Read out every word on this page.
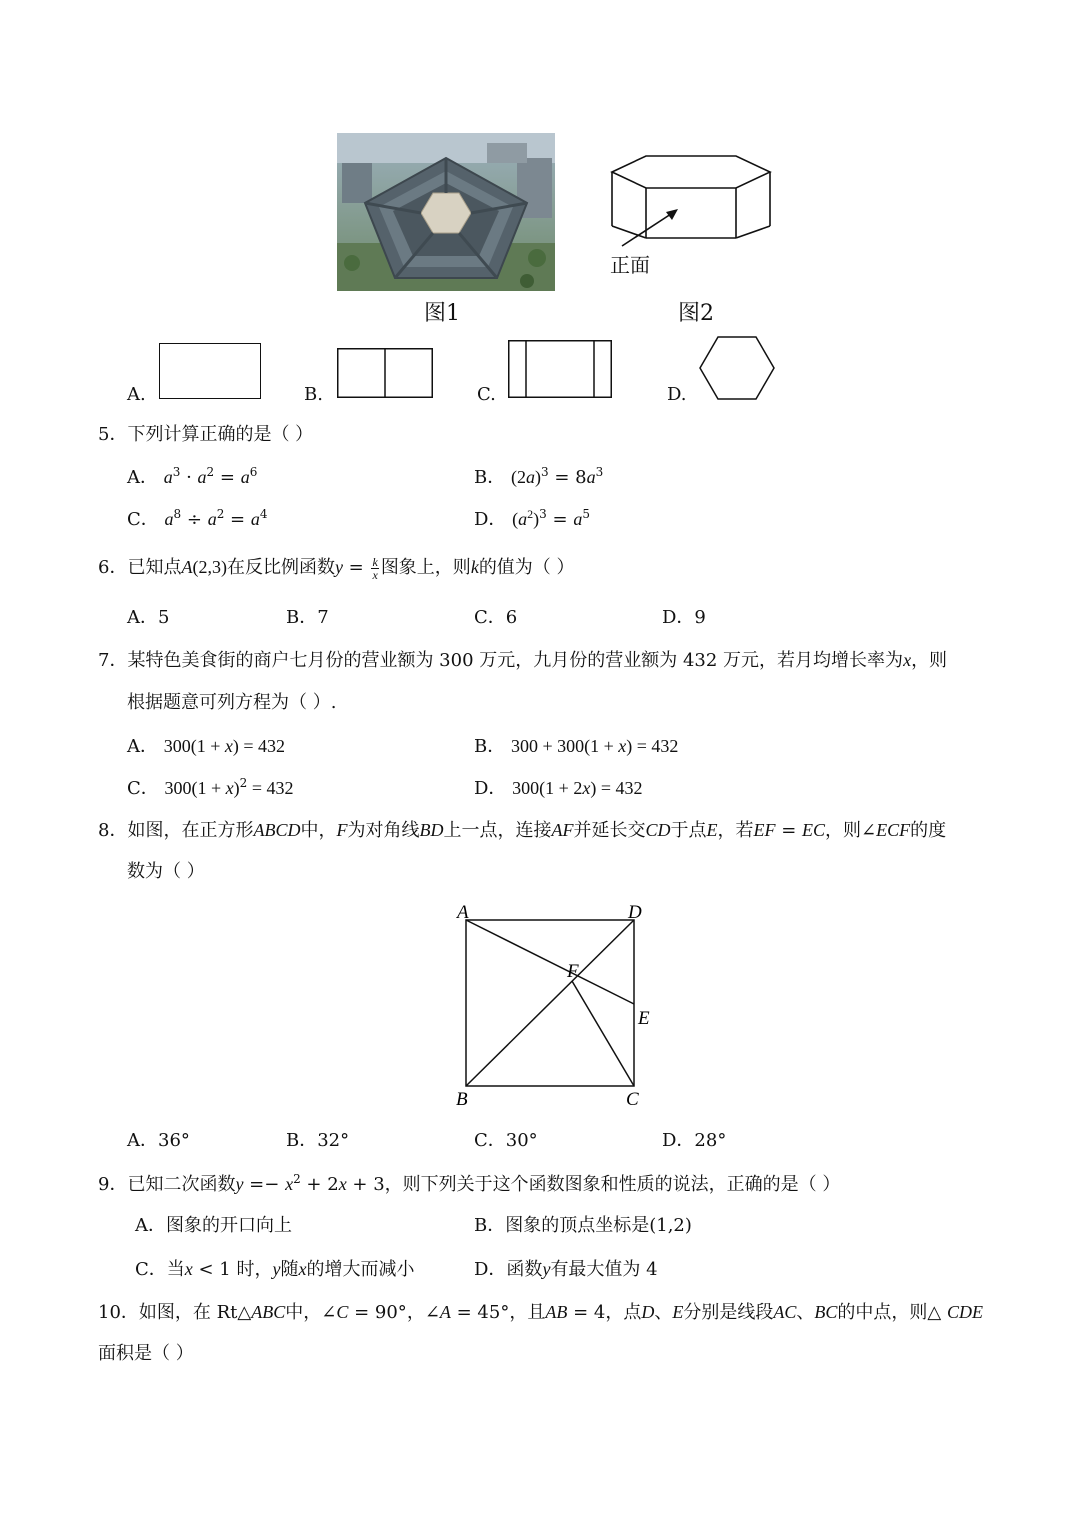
图1
正面
图2
A.	B.	C.	D.
5．下列计算正确的是（ ）
A． $a^3 \cdot a^2 = a^6$	B． $(2a)^3 = 8a^3$
C． $a^8 \div a^2 = a^4$	D． $(a^2)^3 = a^5$
6．已知点A(2,3)在反比例函数$y = \frac{k}{x}$ 图象上，则k的值为（ ）
A．5	B．7	C．6	D．9
7．某特色美食街的商户七月份的营业额为 300 万元，九月份的营业额为 432 万元，若月均增长率为x，则
根据题意可列方程为（ ）.
A． 300(1 + x) = 432	B． 300 + 300(1 + x) = 432
C． $300(1 + x)^2 = 432$	D． 300(1 + 2x) = 432
8．如图，在正方形ABCD中，F为对角线BD上一点，连接AF并延长交CD于点E，若EF = EC，则∠ECF的度
数为（ ）
A	D
B	C
E
F
A．36°	B．32°	C．30°	D．28°
9．已知二次函数$y =- x^2 + 2x + 3$，则下列关于这个函数图象和性质的说法，正确的是（ ）
A．图象的开口向上	B．图象的顶点坐标是(1,2)
C．当x < 1 时，y随x的增大而减小	D．函数y有最大值为 4
10．如图，在 Rt△ABC中，∠C = 90°，∠A = 45°，且AB = 4，点D、E分别是线段AC、BC的中点，则△ CDE
面积是（ ）
